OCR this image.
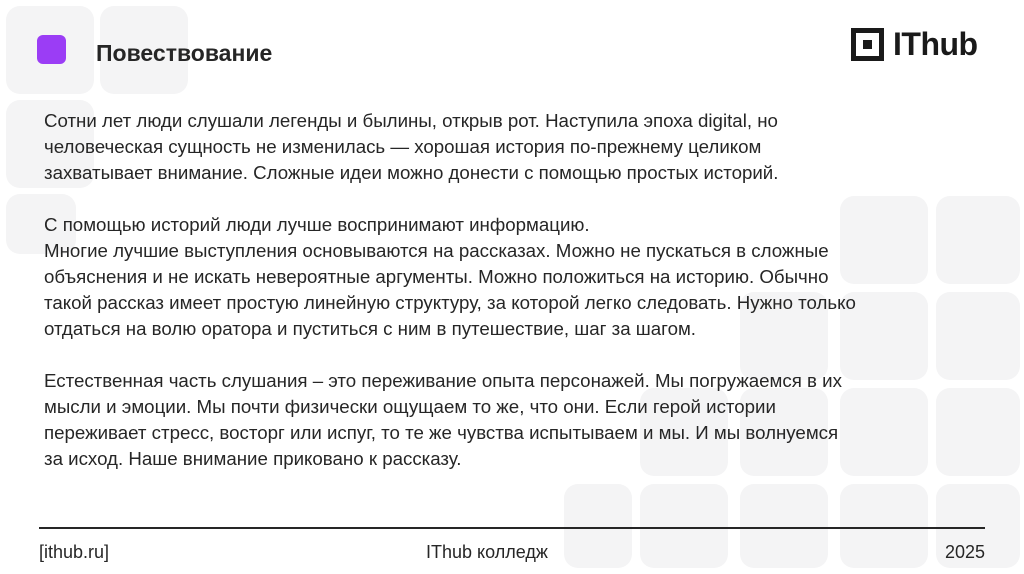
Повествование	IThub
Сотни лет люди слушали легенды и былины, открыв рот. Наступила эпоха digital, но
человеческая сущность не изменилась — хорошая история по-прежнему целиком
захватывает внимание. Сложные идеи можно донести с помощью простых историй.
С помощью историй люди лучше воспринимают информацию.
Многие лучшие выступления основываются на рассказах. Можно не пускаться в сложные
объяснения и не искать невероятные аргументы. Можно положиться на историю. Обычно
такой рассказ имеет простую линейную структуру, за которой легко следовать. Нужно только
отдаться на волю оратора и пуститься с ним в путешествие, шаг за шагом.
Естественная часть слушания – это переживание опыта персонажей. Мы погружаемся в их
мысли и эмоции. Мы почти физически ощущаем то же, что они. Если герой истории
переживает стресс, восторг или испуг, то те же чувства испытываем и мы. И мы волнуемся
за исход. Наше внимание приковано к рассказу.
[ithub.ru]	IThub колледж	2025
